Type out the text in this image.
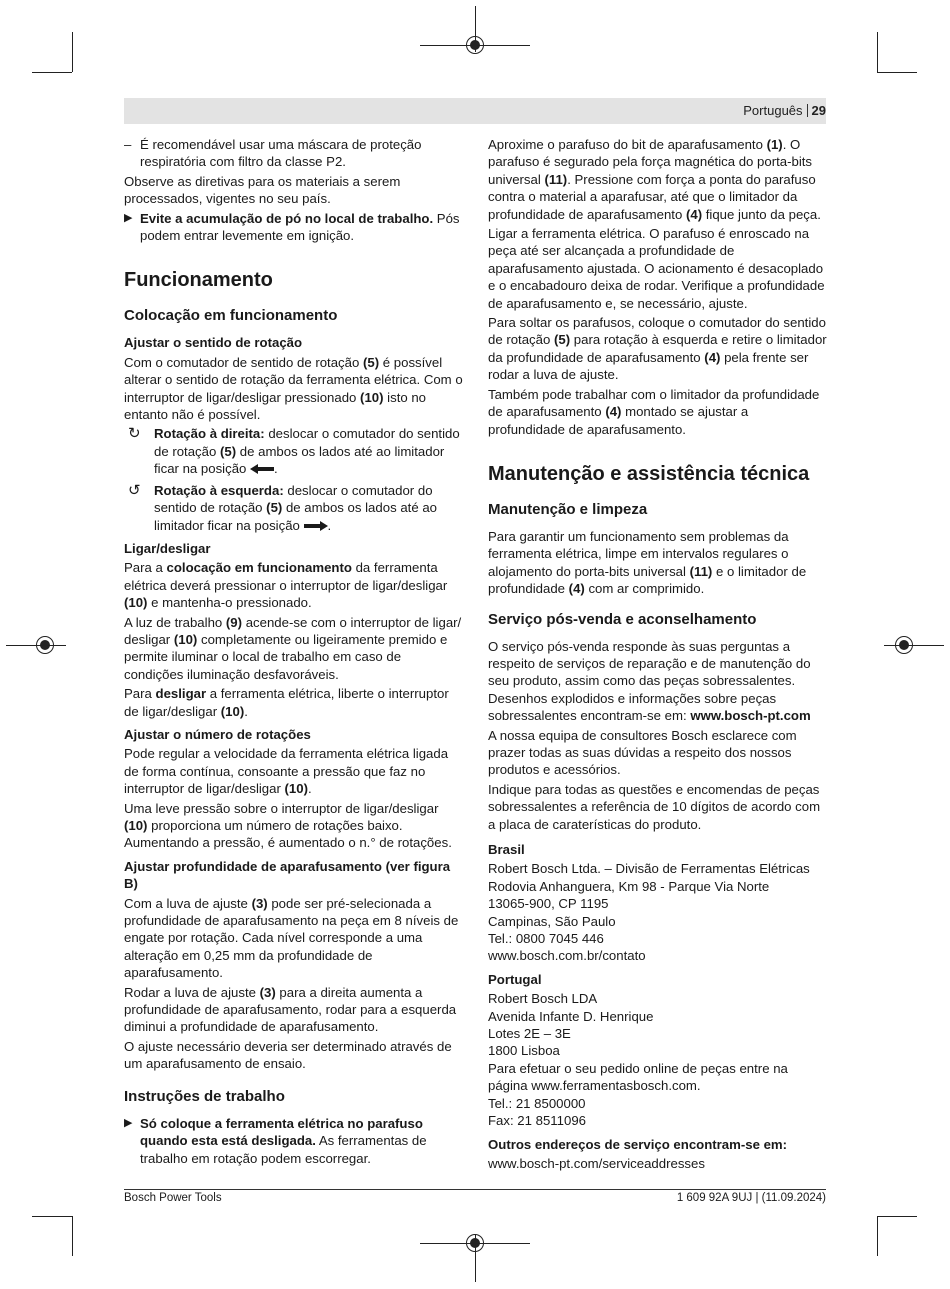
Português 29
– É recomendável usar uma máscara de proteção respiratória com filtro da classe P2.

Observe as diretivas para os materiais a serem processados, vigentes no seu país.

▶ Evite a acumulação de pó no local de trabalho. Pós podem entrar levemente em ignição.
Funcionamento
Colocação em funcionamento
Ajustar o sentido de rotação

Com o comutador de sentido de rotação (5) é possível alterar o sentido de rotação da ferramenta elétrica. Com o interruptor de ligar/desligar pressionado (10) isto no entanto não é possível.

↻ Rotação à direita: deslocar o comutador do sentido de rotação (5) de ambos os lados até ao limitador ficar na posição .
↺ Rotação à esquerda: deslocar o comutador do sentido de rotação (5) de ambos os lados até ao limitador ficar na posição .
Ligar/desligar

Para a colocação em funcionamento da ferramenta elétrica deverá pressionar o interruptor de ligar/desligar (10) e mantenha-o pressionado.

A luz de trabalho (9) acende-se com o interruptor de ligar/ desligar (10) completamente ou ligeiramente premido e permite iluminar o local de trabalho em caso de condições iluminação desfavoráveis.

Para desligar a ferramenta elétrica, liberte o interruptor de ligar/desligar (10).

Ajustar o número de rotações

Pode regular a velocidade da ferramenta elétrica ligada de forma contínua, consoante a pressão que faz no interruptor de ligar/desligar (10).

Uma leve pressão sobre o interruptor de ligar/desligar (10) proporciona um número de rotações baixo. Aumentando a pressão, é aumentado o n.° de rotações.

Ajustar profundidade de aparafusamento (ver figura B)

Com a luva de ajuste (3) pode ser pré-selecionada a profundidade de aparafusamento na peça em 8 níveis de engate por rotação. Cada nível corresponde a uma alteração em 0,25 mm da profundidade de aparafusamento.

Rodar a luva de ajuste (3) para a direita aumenta a profundidade de aparafusamento, rodar para a esquerda diminui a profundidade de aparafusamento.

O ajuste necessário deveria ser determinado através de um aparafusamento de ensaio.

Instruções de trabalho
▶ Só coloque a ferramenta elétrica no parafuso quando esta está desligada. As ferramentas de trabalho em rotação podem escorregar.

Aproxime o parafuso do bit de aparafusamento (1). O parafuso é segurado pela força magnética do porta-bits universal (11). Pressione com força a ponta do parafuso contra o material a aparafusar, até que o limitador da profundidade de aparafusamento (4) fique junto da peça.

Ligar a ferramenta elétrica. O parafuso é enroscado na peça até ser alcançada a profundidade de aparafusamento ajustada. O acionamento é desacoplado e o encabadouro deixa de rodar. Verifique a profundidade de aparafusamento e, se necessário, ajuste.

Para soltar os parafusos, coloque o comutador do sentido de rotação (5) para rotação à esquerda e retire o limitador da profundidade de aparafusamento (4) pela frente ser rodar a luva de ajuste.

Também pode trabalhar com o limitador da profundidade de aparafusamento (4) montado se ajustar a profundidade de aparafusamento.

Manutenção e assistência técnica
Manutenção e limpeza

Para garantir um funcionamento sem problemas da ferramenta elétrica, limpe em intervalos regulares o alojamento do porta-bits universal (11) e o limitador de profundidade (4) com ar comprimido.

Serviço pós-venda e aconselhamento

O serviço pós-venda responde às suas perguntas a respeito de serviços de reparação e de manutenção do seu produto, assim como das peças sobressalentes. Desenhos explodidos e informações sobre peças sobressalentes encontram-se em: www.bosch-pt.com

A nossa equipa de consultores Bosch esclarece com prazer todas as suas dúvidas a respeito dos nossos produtos e acessórios.

Indique para todas as questões e encomendas de peças sobressalentes a referência de 10 dígitos de acordo com a placa de caraterísticas do produto.

Brasil

Robert Bosch Ltda. – Divisão de Ferramentas Elétricas

Rodovia Anhanguera, Km 98 - Parque Via Norte

13065-900, CP 1195

Campinas, São Paulo

Tel.: 0800 7045 446

www.bosch.com.br/contato

Portugal

Robert Bosch LDA

Avenida Infante D. Henrique

Lotes 2E – 3E

1800 Lisboa

Para efetuar o seu pedido online de peças entre na página www.ferramentasbosch.com.

Tel.: 21 8500000

Fax: 21 8511096

Outros endereços de serviço encontram-se em:

www.bosch-pt.com/serviceaddresses

Bosch Power Tools	1 609 92A 9UJ | (11.09.2024)
